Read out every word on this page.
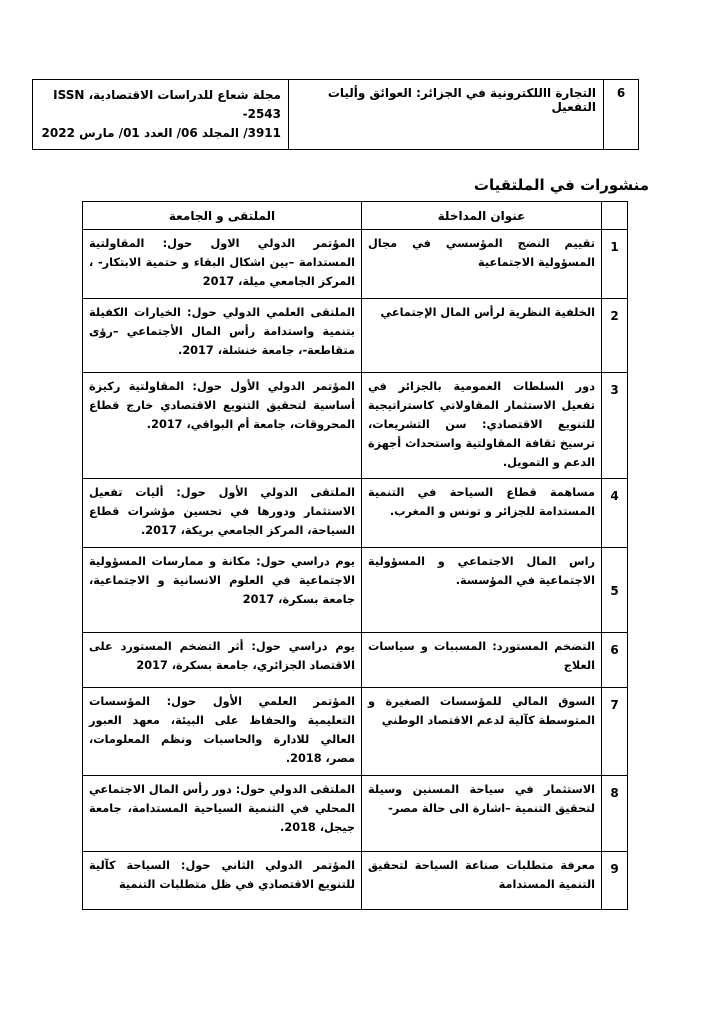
6	التجارة االلكترونية في الجزائر: العوائق وأليات التفعيل	
مجلة شعاع للدراسات الاقتصادية، ISSN 2543-
3911/ المجلد 06/ العدد 01/ مارس 2022
منشورات في الملتقيات
	عنوان المداخلة	الملتقى و الجامعة
1	تقييم النضج المؤسسي في مجال المسؤولية الاجتماعية	المؤتمر الدولي الاول حول: المقاولتية المستدامة –بين اشكال البقاء و حتمية الابتكار- ، المركز الجامعي ميلة، 2017
2	الخلفية النظرية لرأس المال الإجتماعي	الملتقى العلمي الدولي حول: الخيارات الكفيلة بتنمية واستدامة رأس المال الأجتماعي –رؤى متقاطعة-، جامعة خنشلة، 2017.
3	دور السلطات العمومية بالجزائر في تفعيل الاستثمار المقاولاتي كاستراتيجية للتنويع الاقتصادي: سن التشريعات، ترسيخ ثقافة المقاولتية واستحداث أجهزة الدعم و التمويل.	المؤتمر الدولي الأول حول: المقاولتية ركيزة أساسية لتحقيق التنويع الاقتصادي خارج قطاع المحروقات، جامعة أم البواقي، 2017.
4	مساهمة قطاع السياحة في التنمية المستدامة للجزائر و تونس و المغرب.	الملتقى الدولي الأول حول: أليات تفعيل الاستثمار ودورها في تحسين مؤشرات قطاع السياحة، المركز الجامعي بريكة، 2017.
5	راس المال الاجتماعي و المسؤولية الاجتماعية في المؤسسة.	يوم دراسي حول: مكانة و ممارسات المسؤولية الاجتماعية في العلوم الانسانية و الاجتماعية، جامعة بسكرة، 2017
6	التضخم المستورد: المسببات و سياسات العلاج	يوم دراسي حول: أثر التضخم المستورد على الاقتصاد الجزائري، جامعة بسكرة، 2017
7	السوق المالي للمؤسسات الصغيرة و المتوسطة كآلية لدعم الاقتصاد الوطني	المؤتمر العلمي الأول حول: المؤسسات التعليمية والحفاظ على البيئة، معهد العبور العالي للادارة والحاسبات ونظم المعلومات، مصر، 2018.
8	الاستثمار في سياحة المسنين وسيلة لتحقيق التنمية –اشارة الى حالة مصر-	الملتقى الدولي حول: دور رأس المال الاجتماعي المحلي في التنمية السياحية المستدامة، جامعة جيجل، 2018.
9	معرفة متطلبات صناعة السياحة لتحقيق التنمية المستدامة	المؤتمر الدولي الثاني حول: السياحة كآلية للتنويع الاقتصادي في ظل متطلبات التنمية
